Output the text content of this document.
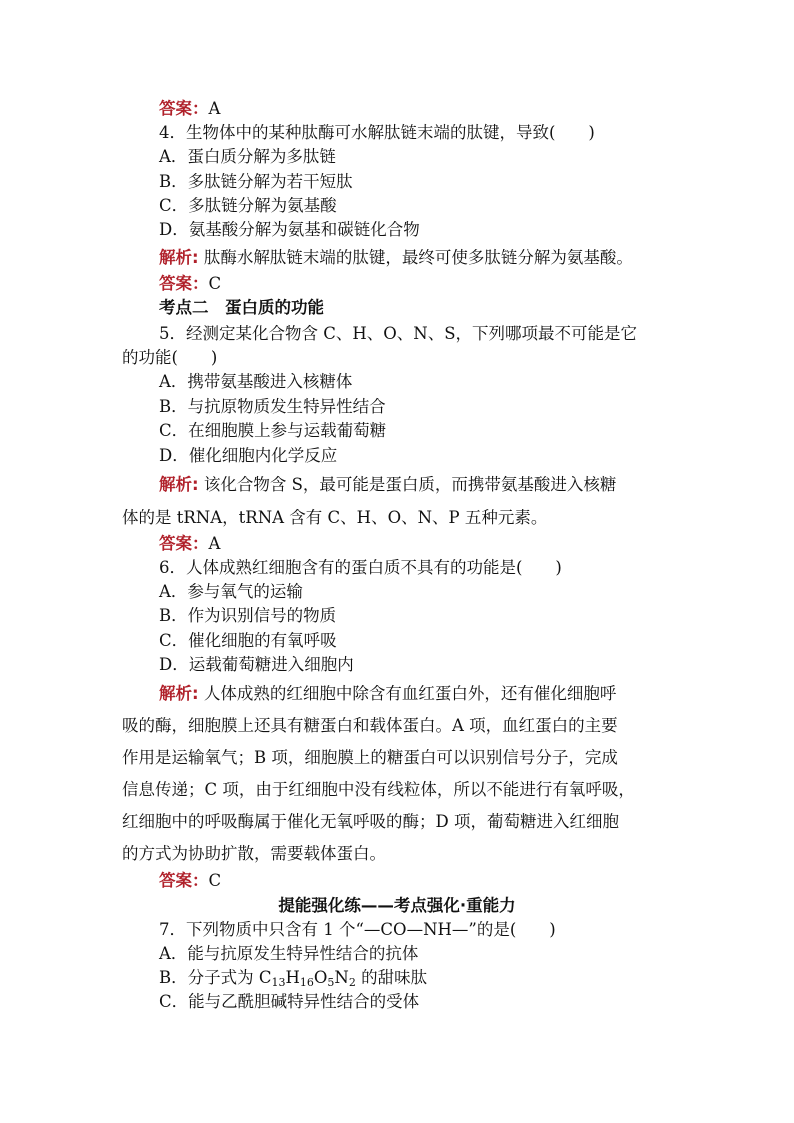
答案：A
4．生物体中的某种肽酶可水解肽链末端的肽键，导致(　　)
A．蛋白质分解为多肽链
B．多肽链分解为若干短肽
C．多肽链分解为氨基酸
D．氨基酸分解为氨基和碳链化合物
解析: 肽酶水解肽链末端的肽键，最终可使多肽链分解为氨基酸。
答案：C
考点二　蛋白质的功能
5．经测定某化合物含 C、H、O、N、S，下列哪项最不可能是它
的功能(　　)
A．携带氨基酸进入核糖体
B．与抗原物质发生特异性结合
C．在细胞膜上参与运载葡萄糖
D．催化细胞内化学反应
解析: 该化合物含 S，最可能是蛋白质，而携带氨基酸进入核糖
体的是 tRNA，tRNA 含有 C、H、O、N、P 五种元素。
答案：A
6．人体成熟红细胞含有的蛋白质不具有的功能是(　　)
A．参与氧气的运输
B．作为识别信号的物质
C．催化细胞的有氧呼吸
D．运载葡萄糖进入细胞内
解析: 人体成熟的红细胞中除含有血红蛋白外，还有催化细胞呼
吸的酶，细胞膜上还具有糖蛋白和载体蛋白。A 项，血红蛋白的主要
作用是运输氧气；B 项，细胞膜上的糖蛋白可以识别信号分子，完成
信息传递；C 项，由于红细胞中没有线粒体，所以不能进行有氧呼吸，
红细胞中的呼吸酶属于催化无氧呼吸的酶；D 项，葡萄糖进入红细胞
的方式为协助扩散，需要载体蛋白。
答案：C
提能强化练——考点强化·重能力
7．下列物质中只含有 1 个“—CO—NH—”的是(　　)
A．能与抗原发生特异性结合的抗体
B．分子式为 $C_{13}H_{16}O_5N_2$ 的甜味肽
C．能与乙酰胆碱特异性结合的受体
